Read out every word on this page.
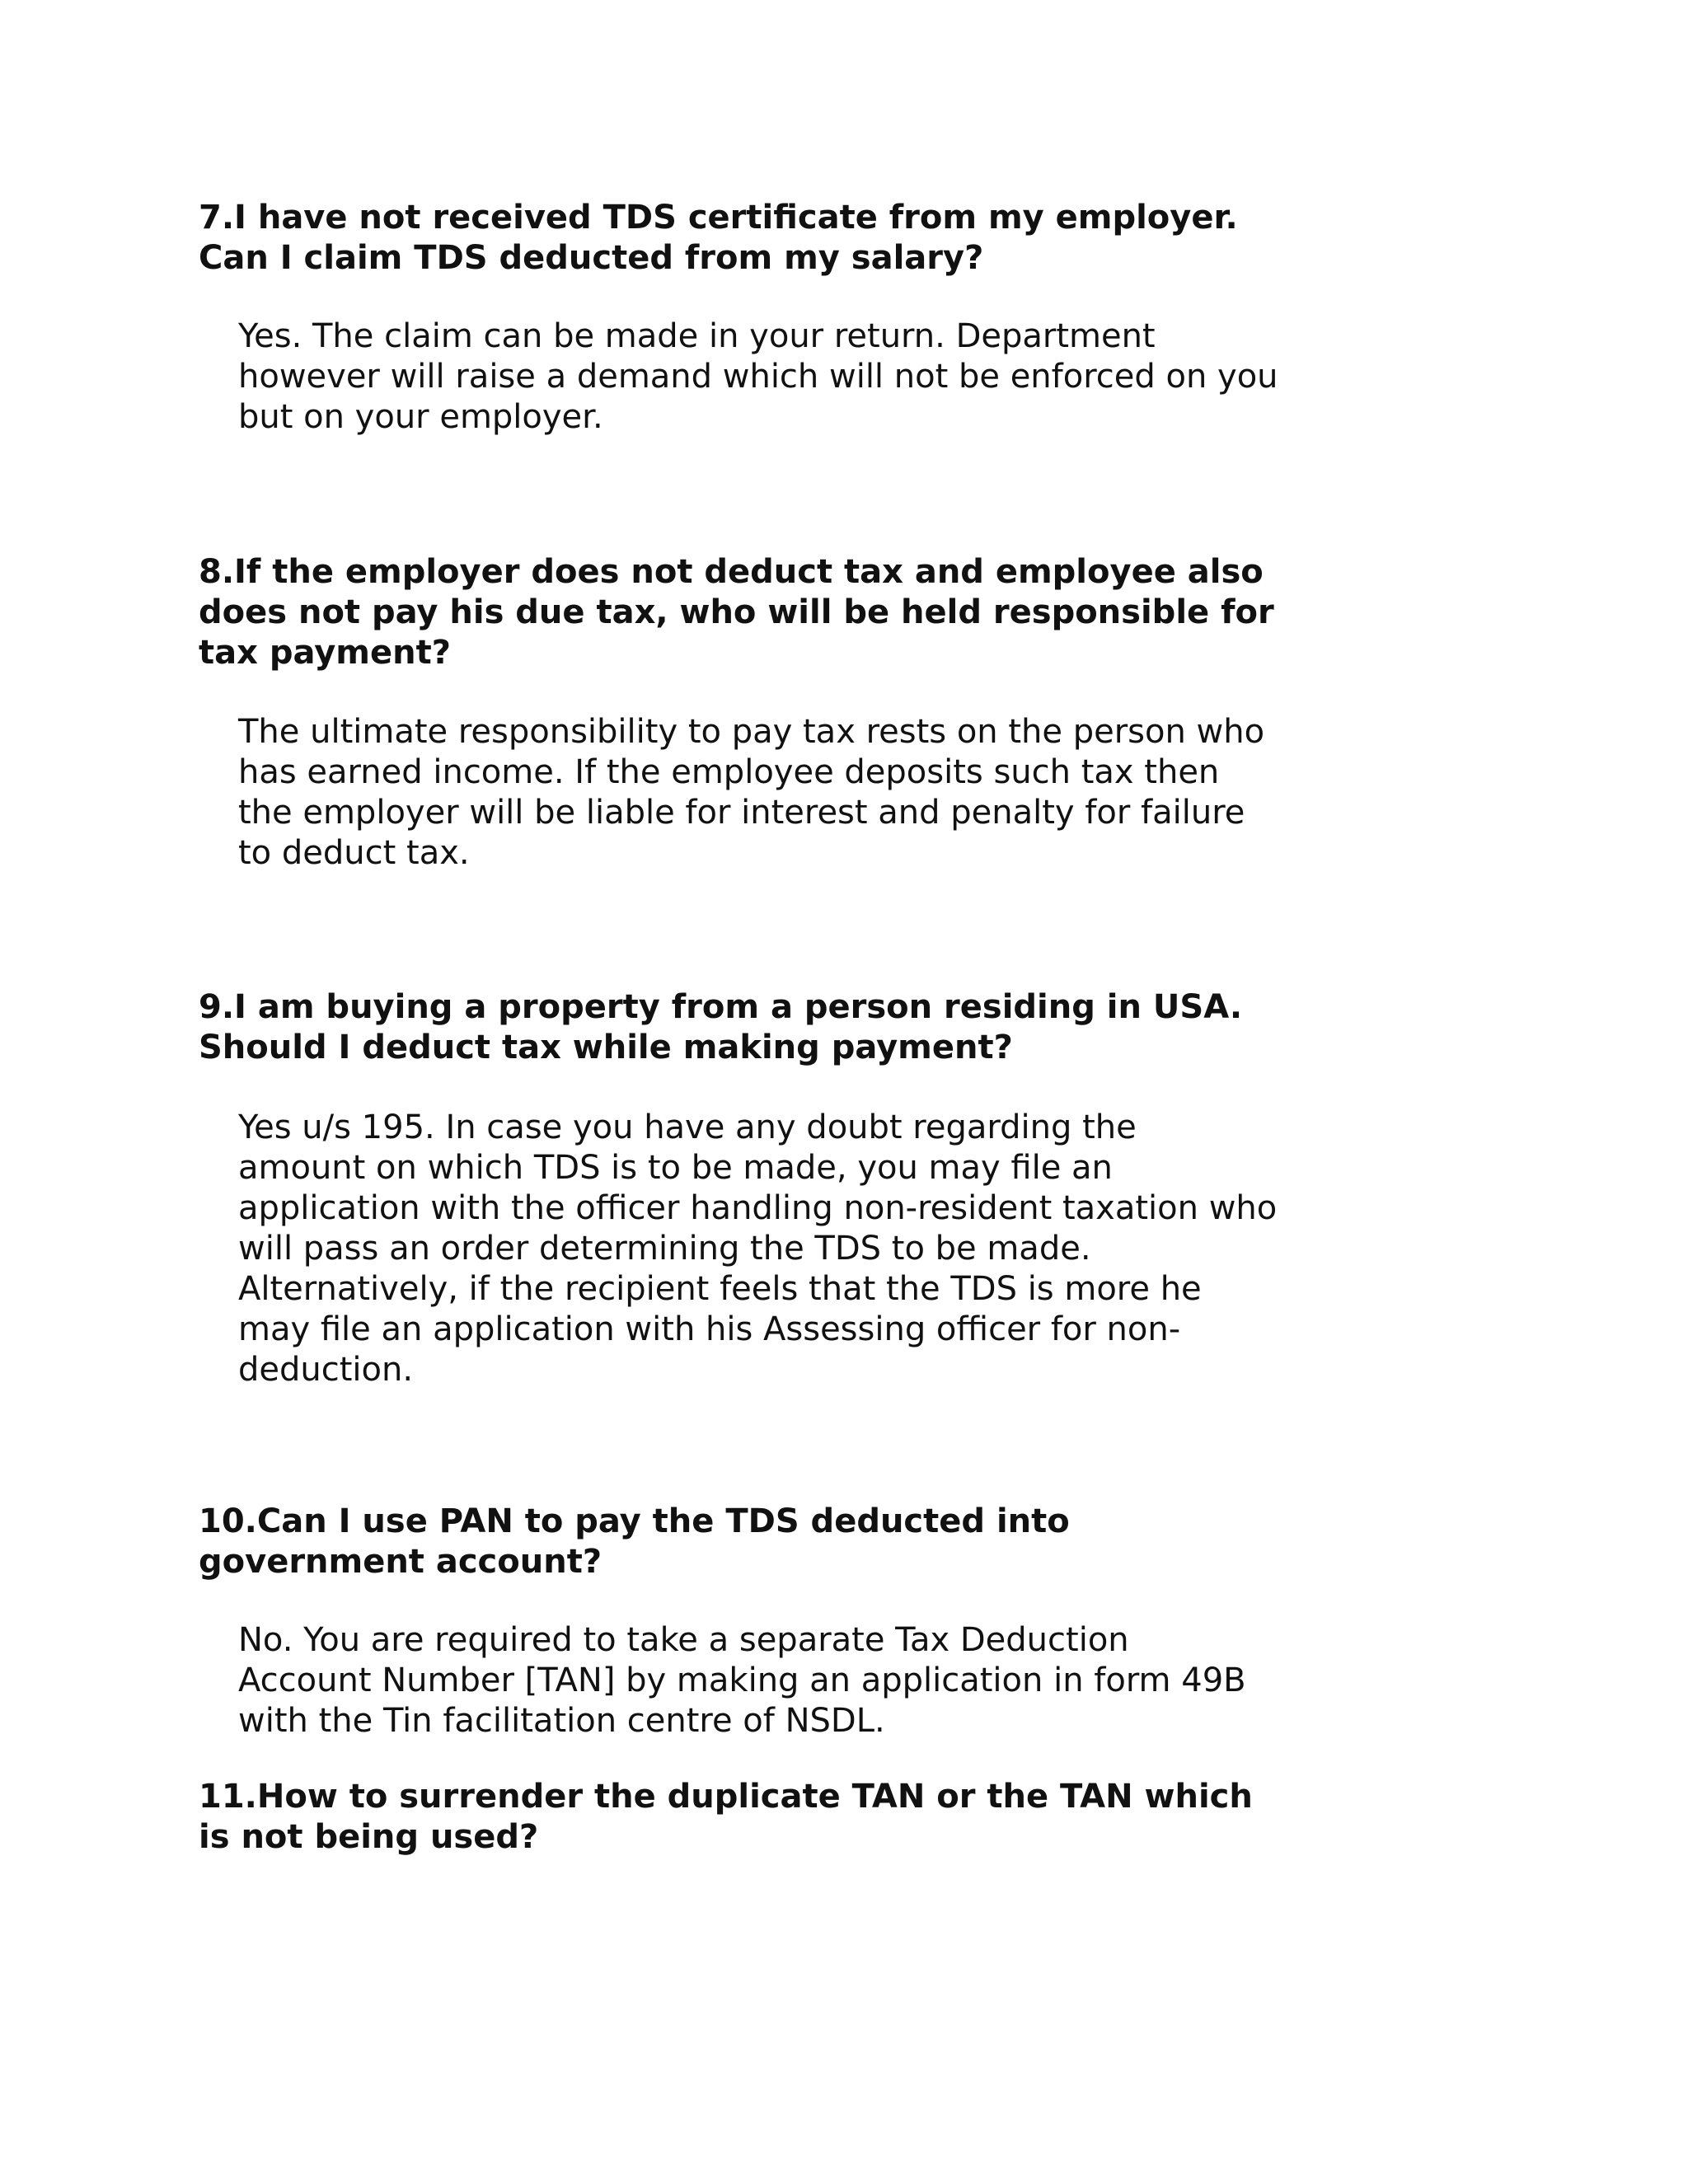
7.I have not received TDS certificate from my employer.
Can I claim TDS deducted from my salary?

Yes. The claim can be made in your return. Department
however will raise a demand which will not be enforced on you
but on your employer.

8.If the employer does not deduct tax and employee also
does not pay his due tax, who will be held responsible for
tax payment?

The ultimate responsibility to pay tax rests on the person who
has earned income. If the employee deposits such tax then
the employer will be liable for interest and penalty for failure
to deduct tax.

9.I am buying a property from a person residing in USA.
Should I deduct tax while making payment?

Yes u/s 195. In case you have any doubt regarding the
amount on which TDS is to be made, you may file an
application with the officer handling non-resident taxation who
will pass an order determining the TDS to be made.
Alternatively, if the recipient feels that the TDS is more he
may file an application with his Assessing officer for non-
deduction.

10.Can I use PAN to pay the TDS deducted into
government account?

No. You are required to take a separate Tax Deduction
Account Number [TAN] by making an application in form 49B
with the Tin facilitation centre of NSDL.

11.How to surrender the duplicate TAN or the TAN which
is not being used?
